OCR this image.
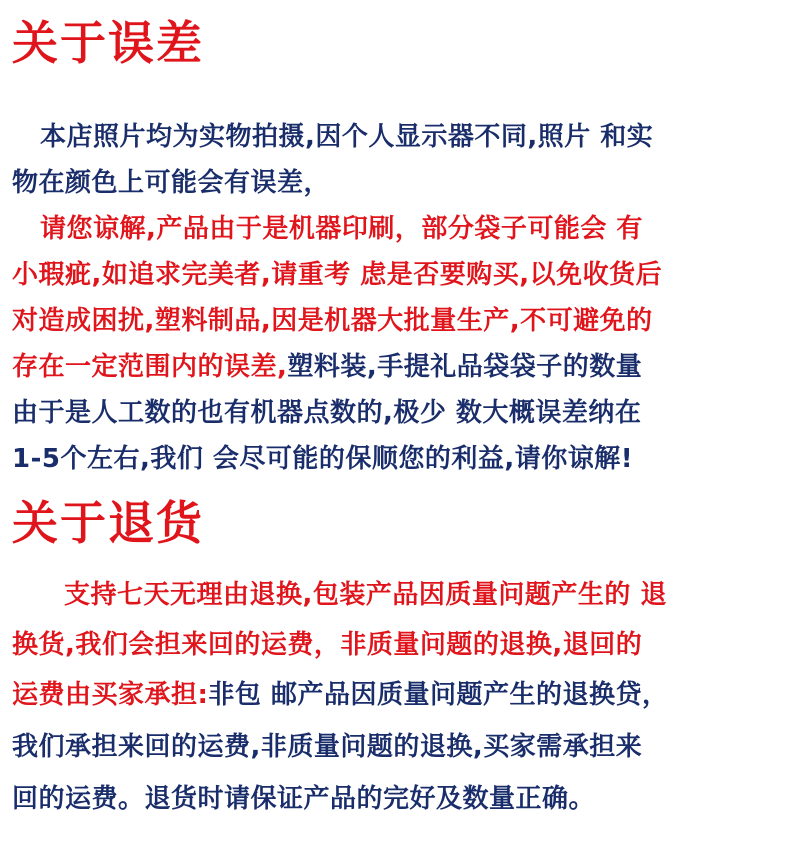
关于误差

本店照片均为实物拍摄,因个人显示器不同,照片 和实

物在颜色上可能会有误差，

请您谅解,产品由于是机器印刷，部分袋子可能会 有

小瑕疵,如追求完美者,请重考 虑是否要购买,以免收货后

对造成困扰,塑料制品,因是机器大批量生产,不可避免的

存在一定范围内的误差,塑料装,手提礼品袋袋子的数量

由于是人工数的也有机器点数的,极少 数大概误差纳在

1-5个左右,我们 会尽可能的保顺您的利益,请你谅解!

关于退货

支持七天无理由退换,包装产品因质量问题产生的 退

换货,我们会担来回的运费，非质量问题的退换,退回的

运费由买家承担:非包 邮产品因质量问题产生的退换贷，

我们承担来回的运费,非质量问题的退换,买家需承担来

回的运费。退货时请保证产品的完好及数量正确。
